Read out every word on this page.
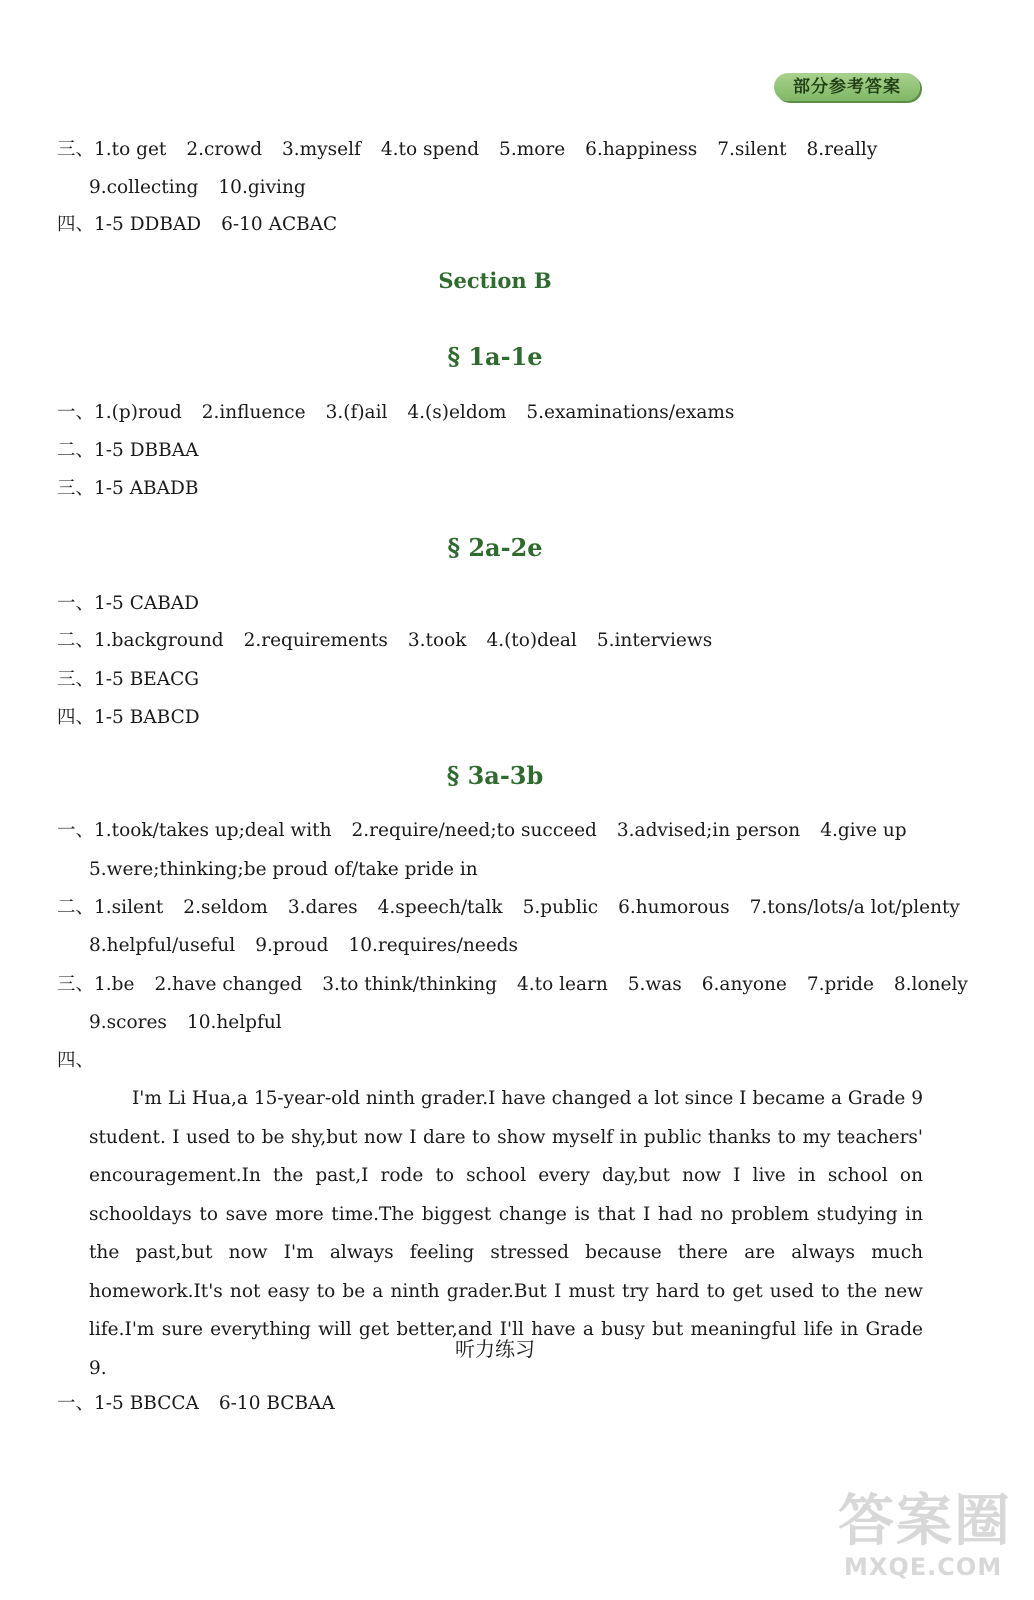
部分参考答案
三、1.to get 2.crowd 3.myself 4.to spend 5.more 6.happiness 7.silent 8.really
9.collecting 10.giving
四、1-5 DDBAD 6-10 ACBAC
Section B
§ 1a-1e
一、1.(p)roud 2.influence 3.(f)ail 4.(s)eldom 5.examinations/exams
二、1-5 DBBAA
三、1-5 ABADB
§ 2a-2e
一、1-5 CABAD
二、1.background 2.requirements 3.took 4.(to)deal 5.interviews
三、1-5 BEACG
四、1-5 BABCD
§ 3a-3b
一、1.took/takes up;deal with 2.require/need;to succeed 3.advised;in person 4.give up
5.were;thinking;be proud of/take pride in
二、1.silent 2.seldom 3.dares 4.speech/talk 5.public 6.humorous 7.tons/lots/a lot/plenty
8.helpful/useful 9.proud 10.requires/needs
三、1.be 2.have changed 3.to think/thinking 4.to learn 5.was 6.anyone 7.pride 8.lonely
9.scores 10.helpful
四、
I'm Li Hua,a 15-year-old ninth grader.I have changed a lot since I became a Grade 9 student. I used to be shy,but now I dare to show myself in public thanks to my teachers' encouragement.In the past,I rode to school every day,but now I live in school on schooldays to save more time.The biggest change is that I had no problem studying in the past,but now I'm always feeling stressed because there are always much homework.It's not easy to be a ninth grader.But I must try hard to get used to the new life.I'm sure everything will get better,and I'll have a busy but meaningful life in Grade 9.
听力练习
一、1-5 BBCCA 6-10 BCBAA
答案圈
MXQE.COM
